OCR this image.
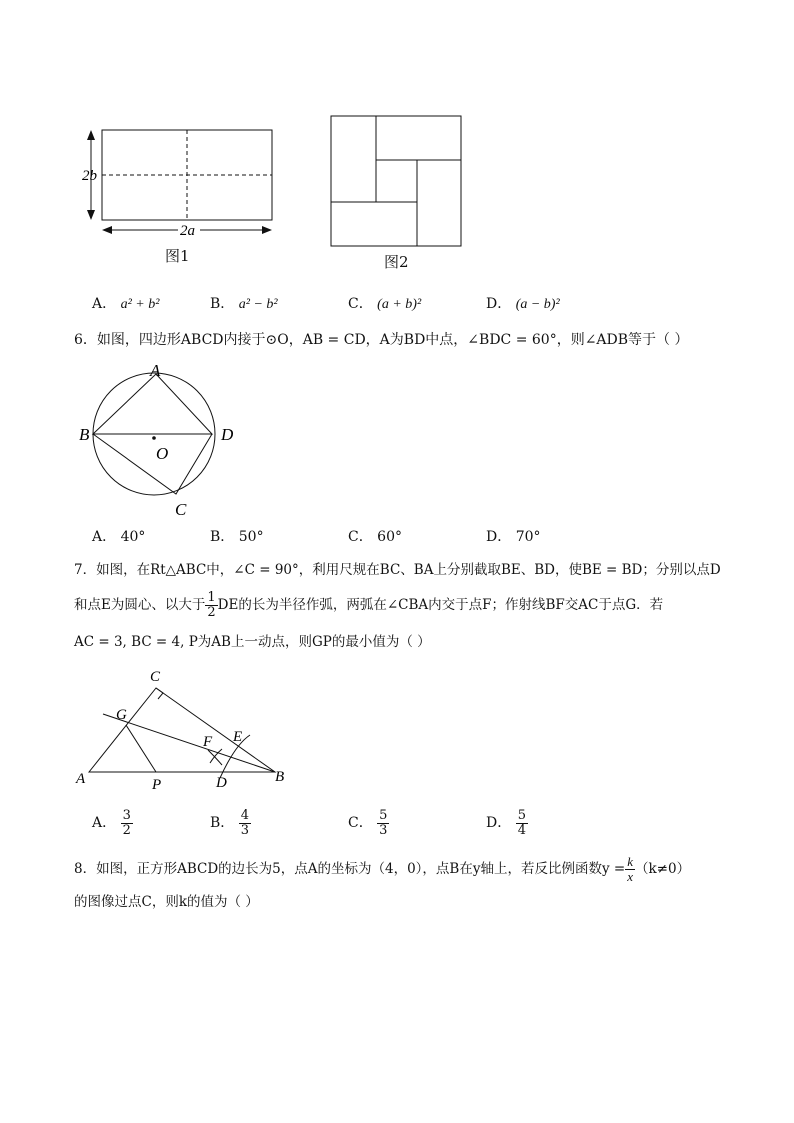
2b
2a
图1	图2
A． a² + b²	B． a² − b²	C． (a + b)²	D． (a − b)²
6．如图，四边形ABCD内接于⊙O，AB = CD，A为BD中点，∠BDC = 60°，则∠ADB等于（ ）
A
B	D
O
C
A． 40°	B． 50°	C． 60°	D． 70°
7．如图，在Rt△ABC中，∠C = 90°，利用尺规在BC、BA上分别截取BE、BD，使BE = BD；分别以点D
和点E为圆心、以大于 $\frac{1}{2}$ DE的长为半径作弧，两弧在∠CBA内交于点F；作射线BF交AC于点G．若
AC = 3, BC = 4, P为AB上一动点，则GP的最小值为（ ）
C
G
F E
A	P	D	B
A． $\frac{3}{2}$	B． $\frac{4}{3}$	C． $\frac{5}{3}$	D． $\frac{5}{4}$
8．如图，正方形ABCD的边长为5，点A的坐标为（4，0），点B在y轴上，若反比例函数$y = \frac{k}{x} (k\ne 0)$
的图像过点C，则k的值为（ ）
